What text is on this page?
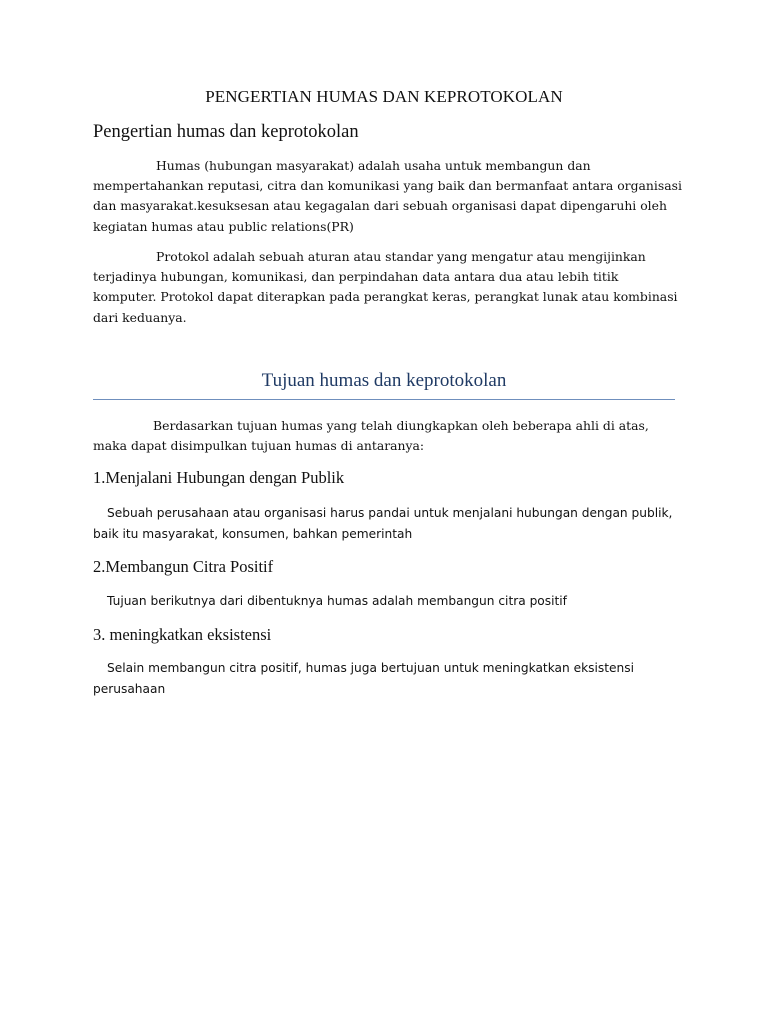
PENGERTIAN HUMAS DAN KEPROTOKOLAN
Pengertian humas dan keprotokolan
Humas (hubungan masyarakat) adalah usaha untuk membangun dan mempertahankan reputasi, citra dan komunikasi yang baik dan bermanfaat antara organisasi dan masyarakat.kesuksesan atau kegagalan dari sebuah organisasi dapat dipengaruhi oleh kegiatan humas atau public relations(PR)
Protokol adalah sebuah aturan atau standar yang mengatur atau mengijinkan terjadinya hubungan, komunikasi, dan perpindahan data antara dua atau lebih titik komputer. Protokol dapat diterapkan pada perangkat keras, perangkat lunak atau kombinasi dari keduanya.
Tujuan humas dan keprotokolan
Berdasarkan tujuan humas yang telah diungkapkan oleh beberapa ahli di atas, maka dapat disimpulkan tujuan humas di antaranya:
1.Menjalani Hubungan dengan Publik
Sebuah perusahaan atau organisasi harus pandai untuk menjalani hubungan dengan publik, baik itu masyarakat, konsumen, bahkan pemerintah
2.Membangun Citra Positif
Tujuan berikutnya dari dibentuknya humas adalah membangun citra positif
3. meningkatkan eksistensi
Selain membangun citra positif, humas juga bertujuan untuk meningkatkan eksistensi perusahaan
